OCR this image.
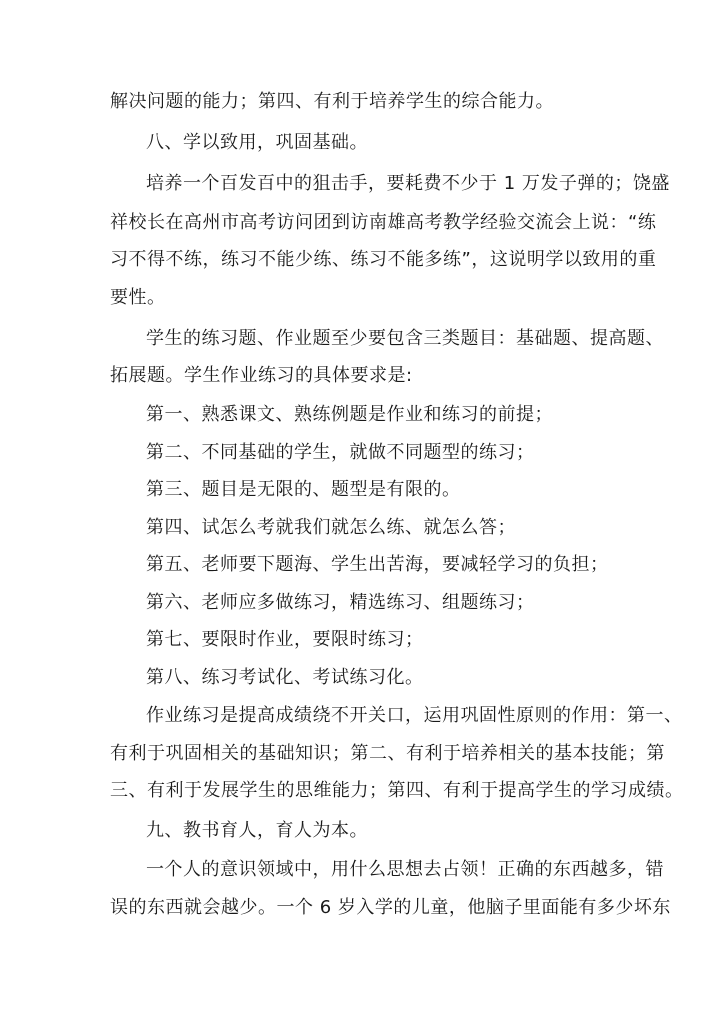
解决问题的能力；第四、有利于培养学生的综合能力。
八、学以致用，巩固基础。
培养一个百发百中的狙击手，要耗费不少于 1 万发子弹的；饶盛
祥校长在高州市高考访问团到访南雄高考教学经验交流会上说：“练
习不得不练，练习不能少练、练习不能多练”，这说明学以致用的重
要性。
学生的练习题、作业题至少要包含三类题目：基础题、提高题、
拓展题。学生作业练习的具体要求是:
第一、熟悉课文、熟练例题是作业和练习的前提；
第二、不同基础的学生，就做不同题型的练习；
第三、题目是无限的、题型是有限的。
第四、试怎么考就我们就怎么练、就怎么答；
第五、老师要下题海、学生出苦海，要减轻学习的负担；
第六、老师应多做练习，精选练习、组题练习；
第七、要限时作业，要限时练习；
第八、练习考试化、考试练习化。
作业练习是提高成绩绕不开关口，运用巩固性原则的作用：第一、
有利于巩固相关的基础知识；第二、有利于培养相关的基本技能；第
三、有利于发展学生的思维能力；第四、有利于提高学生的学习成绩。
九、教书育人，育人为本。
一个人的意识领域中，用什么思想去占领！正确的东西越多，错
误的东西就会越少。一个 6 岁入学的儿童，他脑子里面能有多少坏东
